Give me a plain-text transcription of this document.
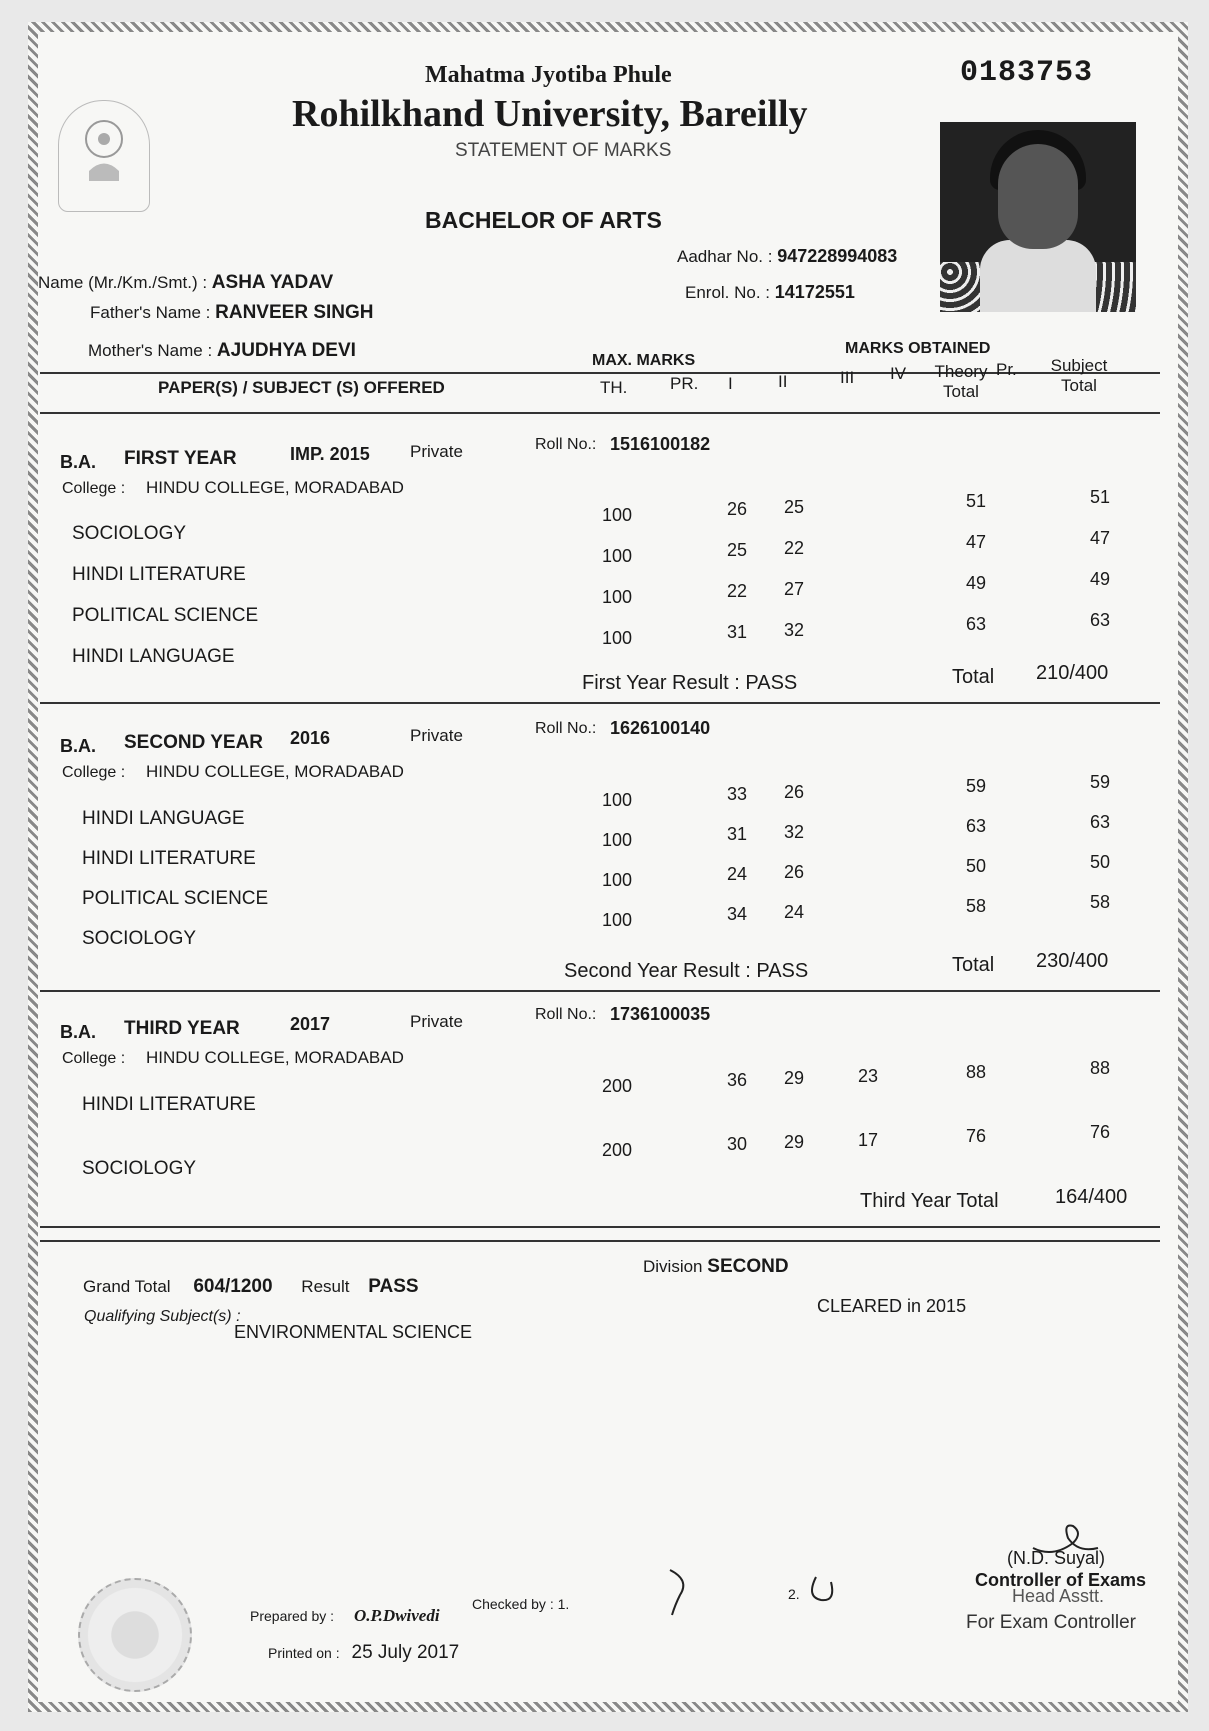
0183753
Mahatma Jyotiba Phule
Rohilkhand University, Bareilly
STATEMENT OF MARKS
BACHELOR OF ARTS
Name (Mr./Km./Smt.) : ASHA YADAV
Father's Name : RANVEER SINGH
Mother's Name : AJUDHYA DEVI
Aadhar No. : 947228994083
Enrol. No. : 14172551
PAPER(S) / SUBJECT (S) OFFERED
MAX. MARKS
TH.	PR.
MARKS OBTAINED
I	II	III IV	Theory Total
Pr.	Subject Total
B.A. FIRST YEAR	IMP. 2015 Private	Roll No.: 1516100182
College : HINDU COLLEGE, MORADABAD
SOCIOLOGY
100	26 25	51	51
HINDI LITERATURE
100	25 22	47	47
POLITICAL SCIENCE
100	22 27	49	49
HINDI LANGUAGE
100	31 32	63	63
First Year Result : PASS	Total 210/400
B.A. SECOND YEAR 2016	Private	Roll No.: 1626100140
College : HINDU COLLEGE, MORADABAD
HINDI LANGUAGE
100	33 26	59	59
HINDI LITERATURE
100	31 32	63	63
POLITICAL SCIENCE
100	24 26	50	50
SOCIOLOGY
100	34 24	58	58
Second Year Result : PASS	Total 230/400
B.A. THIRD YEAR	2017	Private	Roll No.: 1736100035
College : HINDU COLLEGE, MORADABAD
HINDI LITERATURE
200	36 29	23	88	88
SOCIOLOGY
200	30 29	17	76	76
Third Year Total	164/400
Division SECOND
Grand Total 604/1200 Result PASS
Qualifying Subject(s) :
ENVIRONMENTAL SCIENCE
CLEARED in 2015
Prepared by : O.P.Dwivedi
Checked by : 1.
2.
Printed on : 25 July 2017
(N.D. Suyal)
Controller of Exams
Head Asstt.
For Exam Controller
